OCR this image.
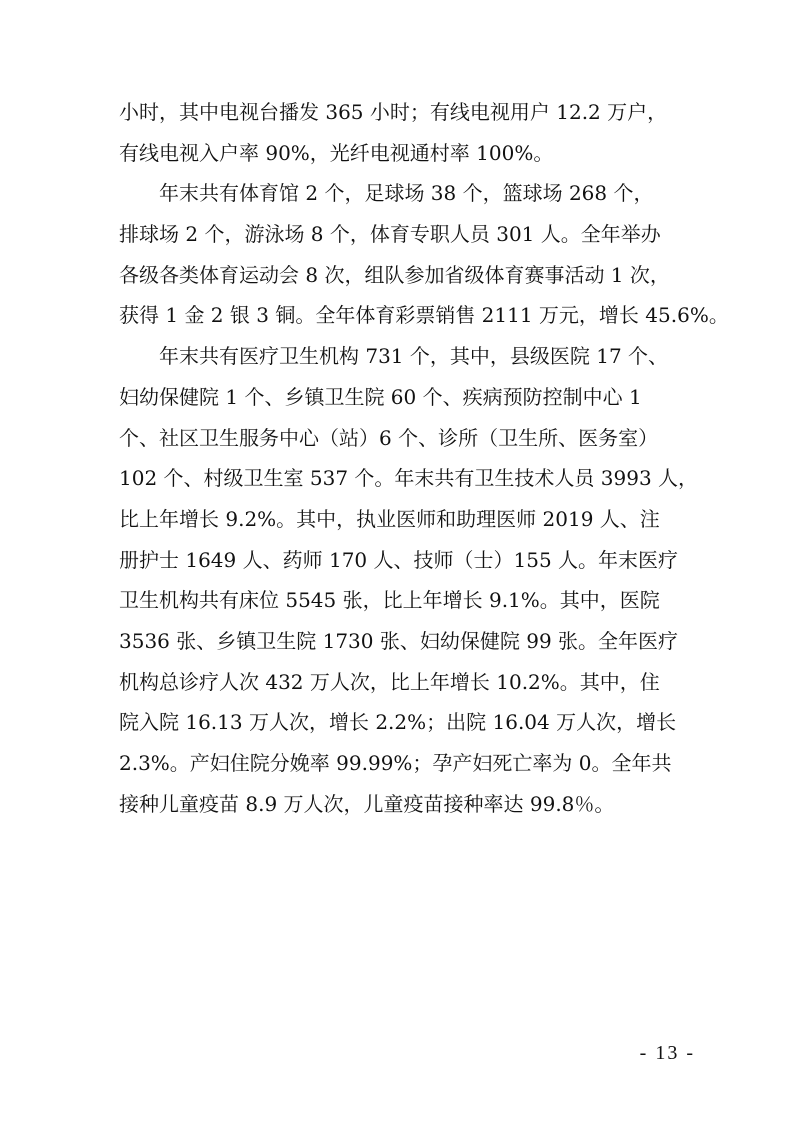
小时，其中电视台播发 365 小时；有线电视用户 12.2 万户，
有线电视入户率 90%，光纤电视通村率 100%。
年末共有体育馆 2 个，足球场 38 个，篮球场 268 个，
排球场 2 个，游泳场 8 个，体育专职人员 301 人。全年举办
各级各类体育运动会 8 次，组队参加省级体育赛事活动 1 次，
获得 1 金 2 银 3 铜。全年体育彩票销售 2111 万元，增长 45.6%。
年末共有医疗卫生机构 731 个，其中，县级医院 17 个、
妇幼保健院 1 个、乡镇卫生院 60 个、疾病预防控制中心 1
个、社区卫生服务中心（站）6 个、诊所（卫生所、医务室）
102 个、村级卫生室 537 个。年末共有卫生技术人员 3993 人，
比上年增长 9.2%。其中，执业医师和助理医师 2019 人、注
册护士 1649 人、药师 170 人、技师（士）155 人。年末医疗
卫生机构共有床位 5545 张，比上年增长 9.1%。其中，医院
3536 张、乡镇卫生院 1730 张、妇幼保健院 99 张。全年医疗
机构总诊疗人次 432 万人次，比上年增长 10.2%。其中，住
院入院 16.13 万人次，增长 2.2%；出院 16.04 万人次，增长
2.3%。产妇住院分娩率 99.99%；孕产妇死亡率为 0。全年共
接种儿童疫苗 8.9 万人次，儿童疫苗接种率达 99.8％。
- 13 -
